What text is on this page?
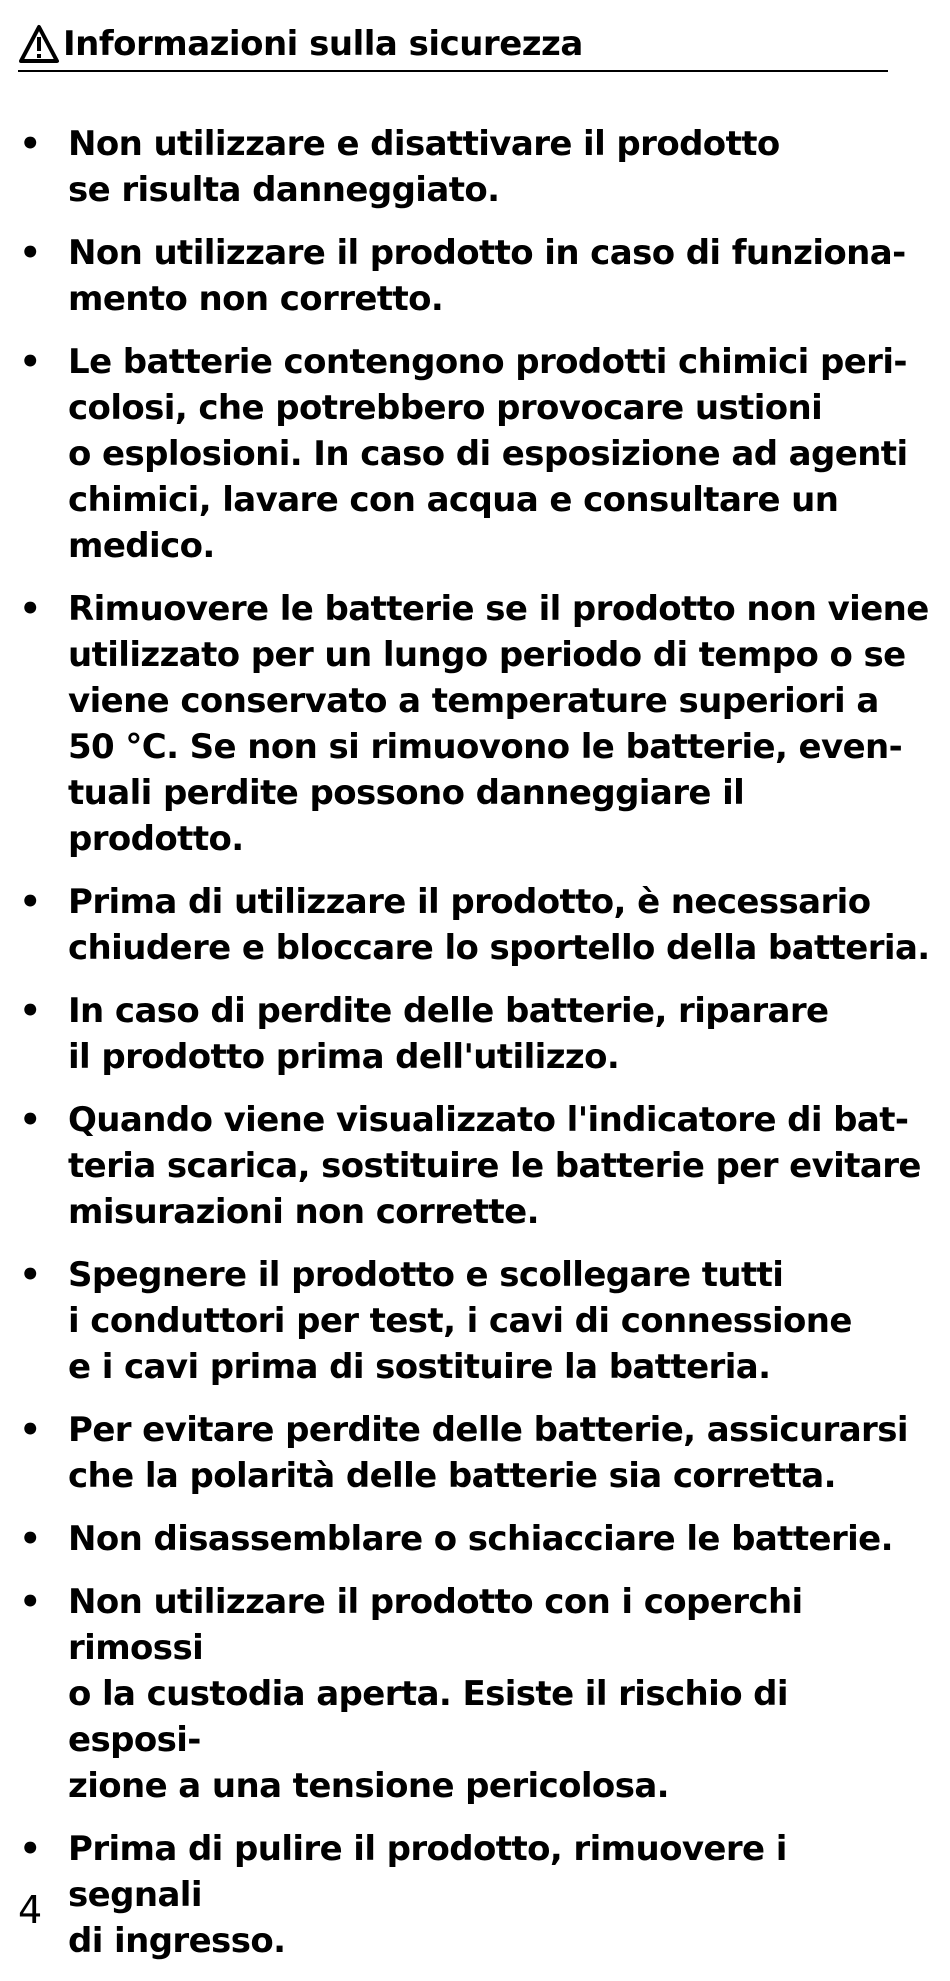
Informazioni sulla sicurezza
• Non utilizzare e disattivare il prodotto
se risulta danneggiato.
• Non utilizzare il prodotto in caso di funziona-
mento non corretto.
• Le batterie contengono prodotti chimici peri-
colosi, che potrebbero provocare ustioni
o esplosioni. In caso di esposizione ad agenti
chimici, lavare con acqua e consultare un
medico.
• Rimuovere le batterie se il prodotto non viene
utilizzato per un lungo periodo di tempo o se
viene conservato a temperature superiori a
50 °C. Se non si rimuovono le batterie, even-
tuali perdite possono danneggiare il prodotto.
• Prima di utilizzare il prodotto, è necessario
chiudere e bloccare lo sportello della batteria.
• In caso di perdite delle batterie, riparare
il prodotto prima dell'utilizzo.
• Quando viene visualizzato l'indicatore di bat-
teria scarica, sostituire le batterie per evitare
misurazioni non corrette.
• Spegnere il prodotto e scollegare tutti
i conduttori per test, i cavi di connessione
e i cavi prima di sostituire la batteria.
• Per evitare perdite delle batterie, assicurarsi
che la polarità delle batterie sia corretta.
• Non disassemblare o schiacciare le batterie.
• Non utilizzare il prodotto con i coperchi rimossi
o la custodia aperta. Esiste il rischio di esposi-
zione a una tensione pericolosa.
• Prima di pulire il prodotto, rimuovere i segnali
di ingresso.
4
